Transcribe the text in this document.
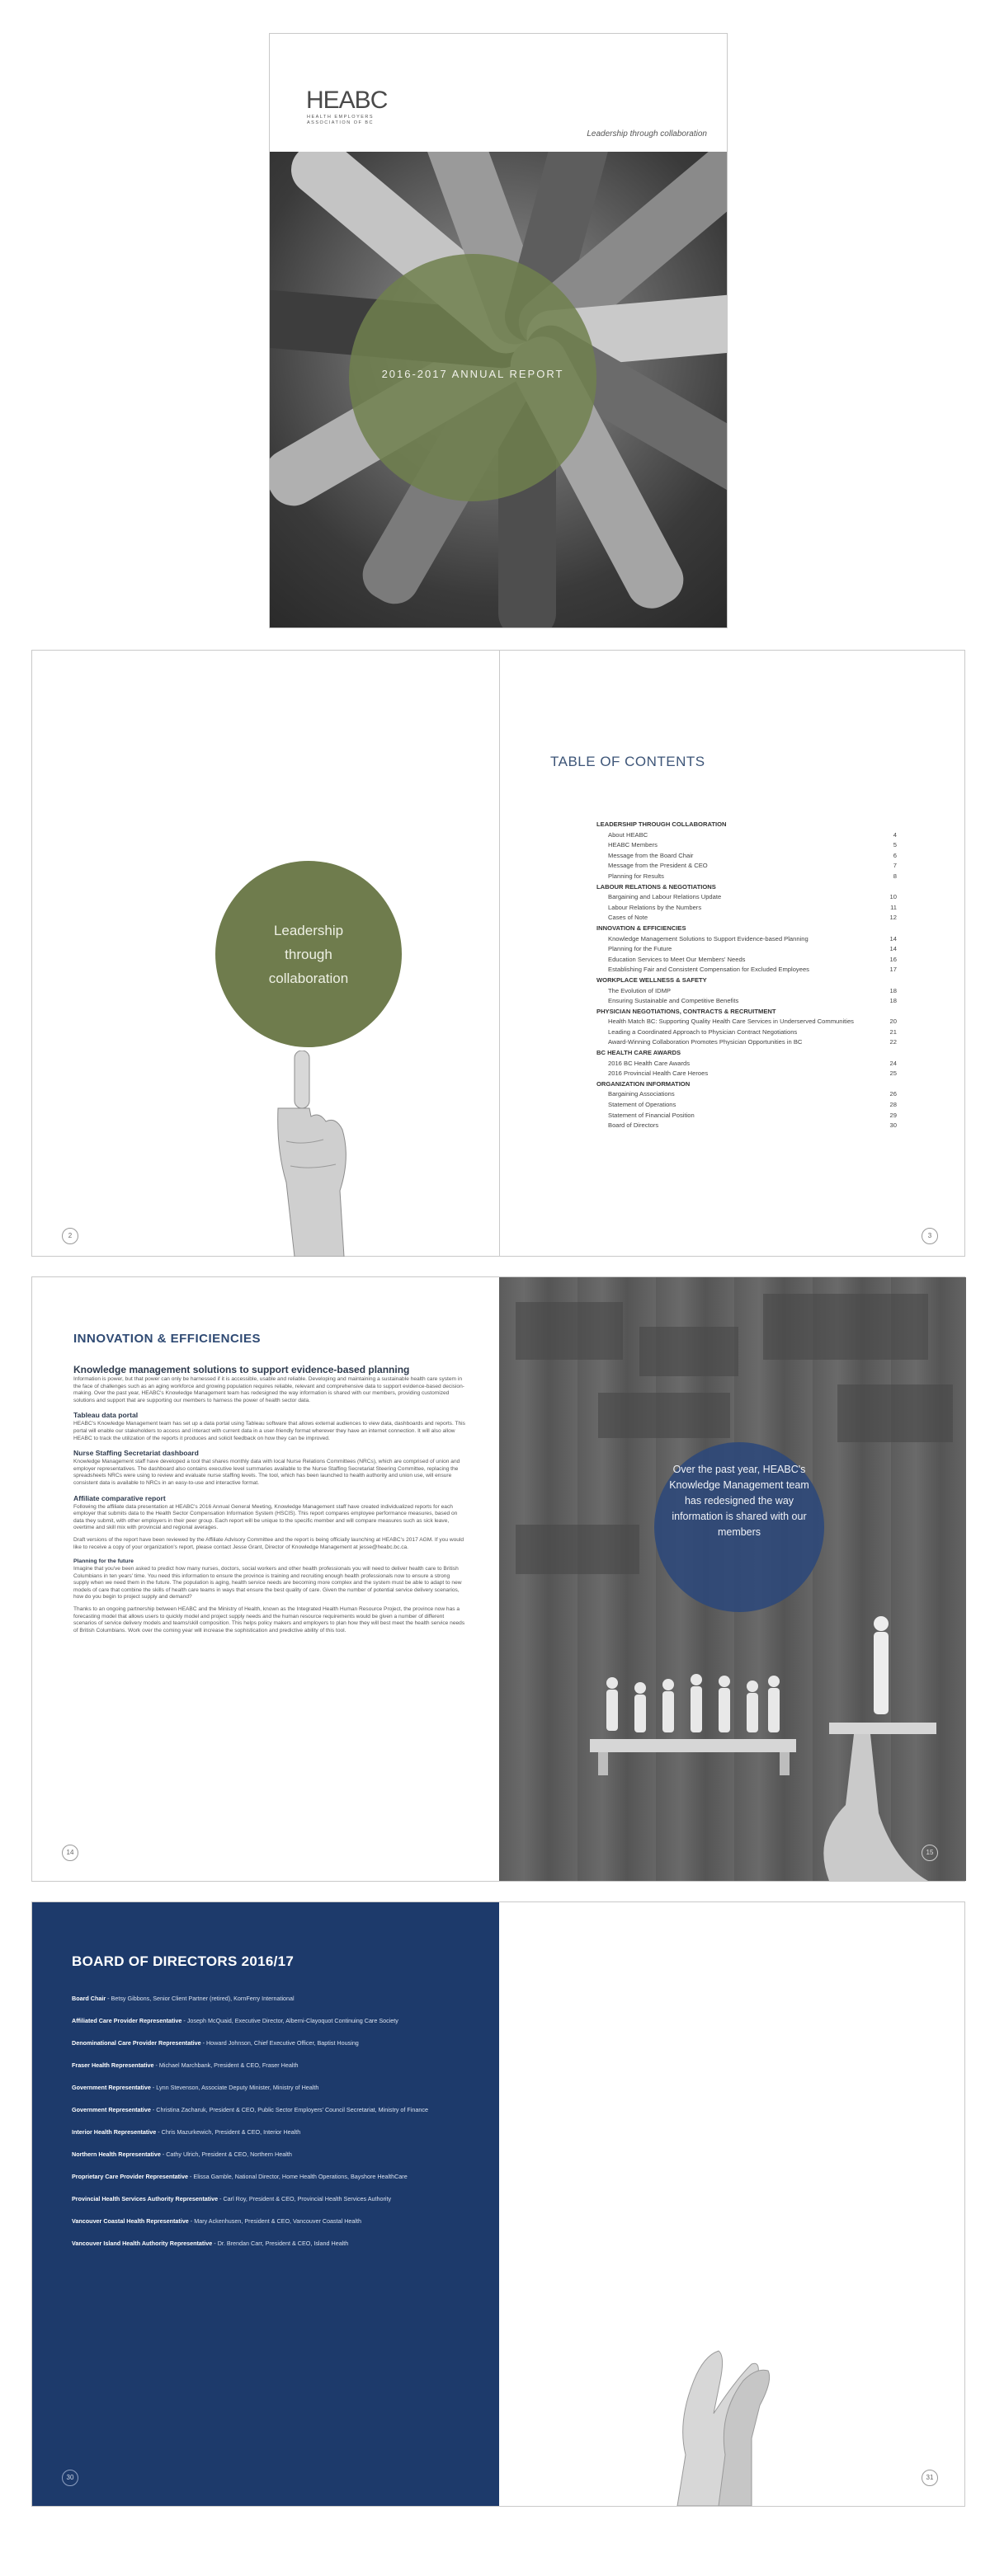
HEABC
HEALTH EMPLOYERS ASSOCIATION OF BC
Leadership through collaboration
2016-2017 ANNUAL REPORT
Leadership
through
collaboration
2	3
TABLE OF CONTENTS
LEADERSHIP THROUGH COLLABORATION
About HEABC	4
HEABC Members	5
Message from the Board Chair	6
Message from the President & CEO	7
Planning for Results	8
LABOUR RELATIONS & NEGOTIATIONS
Bargaining and Labour Relations Update	10
Labour Relations by the Numbers	11
Cases of Note	12
INNOVATION & EFFICIENCIES
Knowledge Management Solutions to Support Evidence-based Planning	14
Planning for the Future	14
Education Services to Meet Our Members' Needs	16
Establishing Fair and Consistent Compensation for Excluded Employees	17
WORKPLACE WELLNESS & SAFETY
The Evolution of IDMP	18
Ensuring Sustainable and Competitive Benefits	18
PHYSICIAN NEGOTIATIONS, CONTRACTS & RECRUITMENT
Health Match BC: Supporting Quality Health Care Services in Underserved Communities	20
Leading a Coordinated Approach to Physician Contract Negotiations	21
Award-Winning Collaboration Promotes Physician Opportunities in BC	22
BC HEALTH CARE AWARDS
2016 BC Health Care Awards	24
2016 Provincial Health Care Heroes	25
ORGANIZATION INFORMATION
Bargaining Associations	26
Statement of Operations	28
Statement of Financial Position	29
Board of Directors	30
INNOVATION & EFFICIENCIES
Knowledge management solutions to support evidence-based planning

Information is power, but that power can only be harnessed if it is accessible, usable and reliable. Developing and maintaining a sustainable health care system in the face of challenges such as an aging workforce and growing population requires reliable, relevant and comprehensive data to support evidence-based decision-making. Over the past year, HEABC's Knowledge Management team has redesigned the way information is shared with our members, providing customized solutions and support that are supporting our members to harness the power of health sector data.

Tableau data portal

HEABC's Knowledge Management team has set up a data portal using Tableau software that allows external audiences to view data, dashboards and reports. This portal will enable our stakeholders to access and interact with current data in a user-friendly format wherever they have an internet connection. It will also allow HEABC to track the utilization of the reports it produces and solicit feedback on how they can be improved.

Nurse Staffing Secretariat dashboard

Knowledge Management staff have developed a tool that shares monthly data with local Nurse Relations Committees (NRCs), which are comprised of union and employer representatives. The dashboard also contains executive level summaries available to the Nurse Staffing Secretariat Steering Committee, replacing the spreadsheets NRCs were using to review and evaluate nurse staffing levels. The tool, which has been launched to health authority and union use, will ensure consistent data is available to NRCs in an easy-to-use and interactive format.

Affiliate comparative report

Following the affiliate data presentation at HEABC's 2016 Annual General Meeting, Knowledge Management staff have created individualized reports for each employer that submits data to the Health Sector Compensation Information System (HSCIS). This report compares employee performance measures, based on data they submit, with other employers in their peer group. Each report will be unique to the specific member and will compare measures such as sick leave, overtime and skill mix with provincial and regional averages.

Draft versions of the report have been reviewed by the Affiliate Advisory Committee and the report is being officially launching at HEABC's 2017 AGM. If you would like to receive a copy of your organization's report, please contact Jesse Grant, Director of Knowledge Management at jesse@heabc.bc.ca.

Planning for the future

Imagine that you've been asked to predict how many nurses, doctors, social workers and other health professionals you will need to deliver health care to British Columbians in ten years' time. You need this information to ensure the province is training and recruiting enough health professionals now to ensure a strong supply when we need them in the future. The population is aging, health service needs are becoming more complex and the system must be able to adapt to new models of care that combine the skills of health care teams in ways that ensure the best quality of care. Given the number of potential service delivery scenarios, how do you begin to project supply and demand?

Thanks to an ongoing partnership between HEABC and the Ministry of Health, known as the Integrated Health Human Resource Project, the province now has a forecasting model that allows users to quickly model and project supply needs and the human resource requirements would be given a number of different scenarios of service delivery models and teams/skill composition. This helps policy makers and employers to plan how they will best meet the health service needs of British Columbians. Work over the coming year will increase the sophistication and predictive ability of this tool.

14
Over the past year, HEABC's Knowledge Management team has redesigned the way information is shared with our members
15
BOARD OF DIRECTORS 2016/17
Board Chair - Betsy Gibbons, Senior Client Partner (retired), KornFerry International
Affiliated Care Provider Representative - Joseph McQuaid, Executive Director, Alberni-Clayoquot Continuing Care Society
Denominational Care Provider Representative - Howard Johnson, Chief Executive Officer, Baptist Housing
Fraser Health Representative - Michael Marchbank, President & CEO, Fraser Health
Government Representative - Lynn Stevenson, Associate Deputy Minister, Ministry of Health
Government Representative - Christina Zacharuk, President & CEO, Public Sector Employers' Council Secretariat, Ministry of Finance
Interior Health Representative - Chris Mazurkewich, President & CEO, Interior Health
Northern Health Representative - Cathy Ulrich, President & CEO, Northern Health
Proprietary Care Provider Representative - Elissa Gamble, National Director, Home Health Operations, Bayshore HealthCare
Provincial Health Services Authority Representative - Carl Roy, President & CEO, Provincial Health Services Authority
Vancouver Coastal Health Representative - Mary Ackenhusen, President & CEO, Vancouver Coastal Health
Vancouver Island Health Authority Representative - Dr. Brendan Carr, President & CEO, Island Health
30	31
